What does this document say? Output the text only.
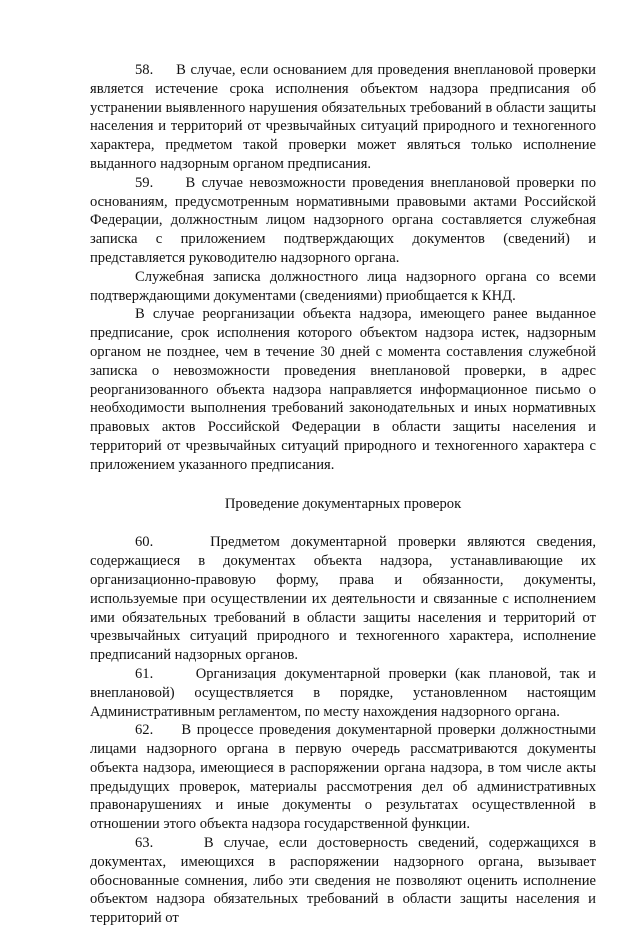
58.     В случае, если основанием для проведения внеплановой проверки является истечение срока исполнения объектом надзора предписания об устранении выявленного нарушения обязательных требований в области защиты населения и территорий от чрезвычайных ситуаций природного и техногенного характера, предметом такой проверки может являться только исполнение выданного надзорным органом предписания.

59.     В случае невозможности проведения внеплановой проверки по основаниям, предусмотренным нормативными правовыми актами Российской Федерации, должностным лицом надзорного органа составляется служебная записка с приложением подтверждающих документов (сведений) и представляется руководителю надзорного органа.

Служебная записка должностного лица надзорного органа со всеми подтверждающими документами (сведениями) приобщается к КНД.

В случае реорганизации объекта надзора, имеющего ранее выданное предписание, срок исполнения которого объектом надзора истек, надзорным органом не позднее, чем в течение 30 дней с момента составления служебной записка о невозможности проведения внеплановой проверки, в адрес реорганизованного объекта надзора направляется информационное письмо о необходимости выполнения требований законодательных и иных нормативных правовых актов Российской Федерации в области защиты населения и территорий от чрезвычайных ситуаций природного и техногенного характера с приложением указанного предписания.

Проведение документарных проверок

60.     Предметом документарной проверки являются сведения, содержащиеся в документах объекта надзора, устанавливающие их организационно-правовую форму, права и обязанности, документы, используемые при осуществлении их деятельности и связанные с исполнением ими обязательных требований в области защиты населения и территорий от чрезвычайных ситуаций природного и техногенного характера, исполнение предписаний надзорных органов.

61.     Организация документарной проверки (как плановой, так и внеплановой) осуществляется в порядке, установленном настоящим Административным регламентом, по месту нахождения надзорного органа.

62.     В процессе проведения документарной проверки должностными лицами надзорного органа в первую очередь рассматриваются документы объекта надзора, имеющиеся в распоряжении органа надзора, в том числе акты предыдущих проверок, материалы рассмотрения дел об административных правонарушениях и иные документы о результатах осуществленной в отношении этого объекта надзора государственной функции.

63.     В случае, если достоверность сведений, содержащихся в документах, имеющихся в распоряжении надзорного органа, вызывает обоснованные сомнения, либо эти сведения не позволяют оценить исполнение объектом надзора обязательных требований в области защиты населения и территорий от
